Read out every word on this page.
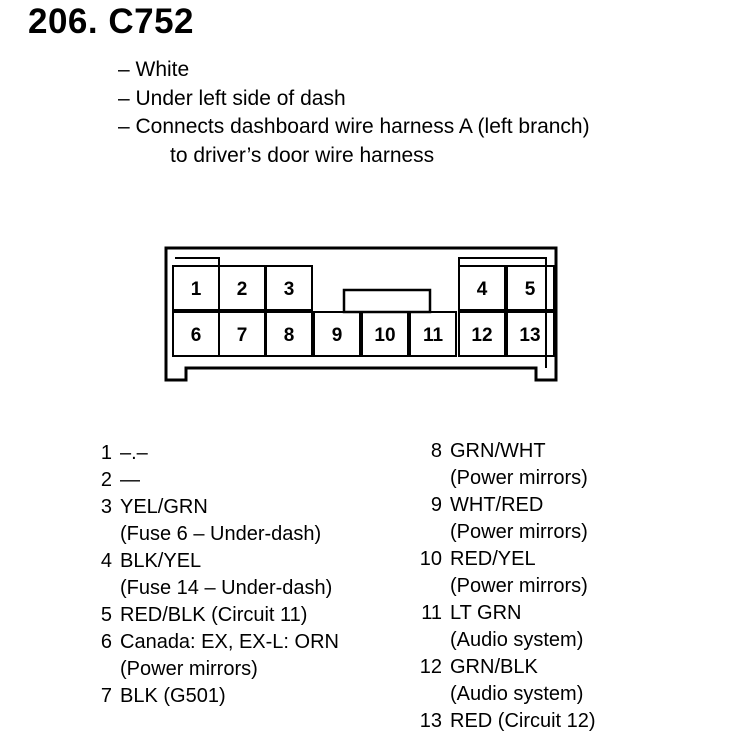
206. C752
– White
– Under left side of dash
– Connects dashboard wire harness A (left branch)
to driver’s door wire harness
1 2 3	4 5
6 7 8 9 10 11 12 13
1 –.–
2 —
3 YEL/GRN
(Fuse 6 – Under-dash)
4 BLK/YEL
(Fuse 14 – Under-dash)
5 RED/BLK (Circuit 11)
6 Canada: EX, EX-L: ORN
(Power mirrors)
7 BLK (G501)
8 GRN/WHT
(Power mirrors)
9 WHT/RED
(Power mirrors)
10 RED/YEL
(Power mirrors)
11 LT GRN
(Audio system)
12 GRN/BLK
(Audio system)
13 RED (Circuit 12)
